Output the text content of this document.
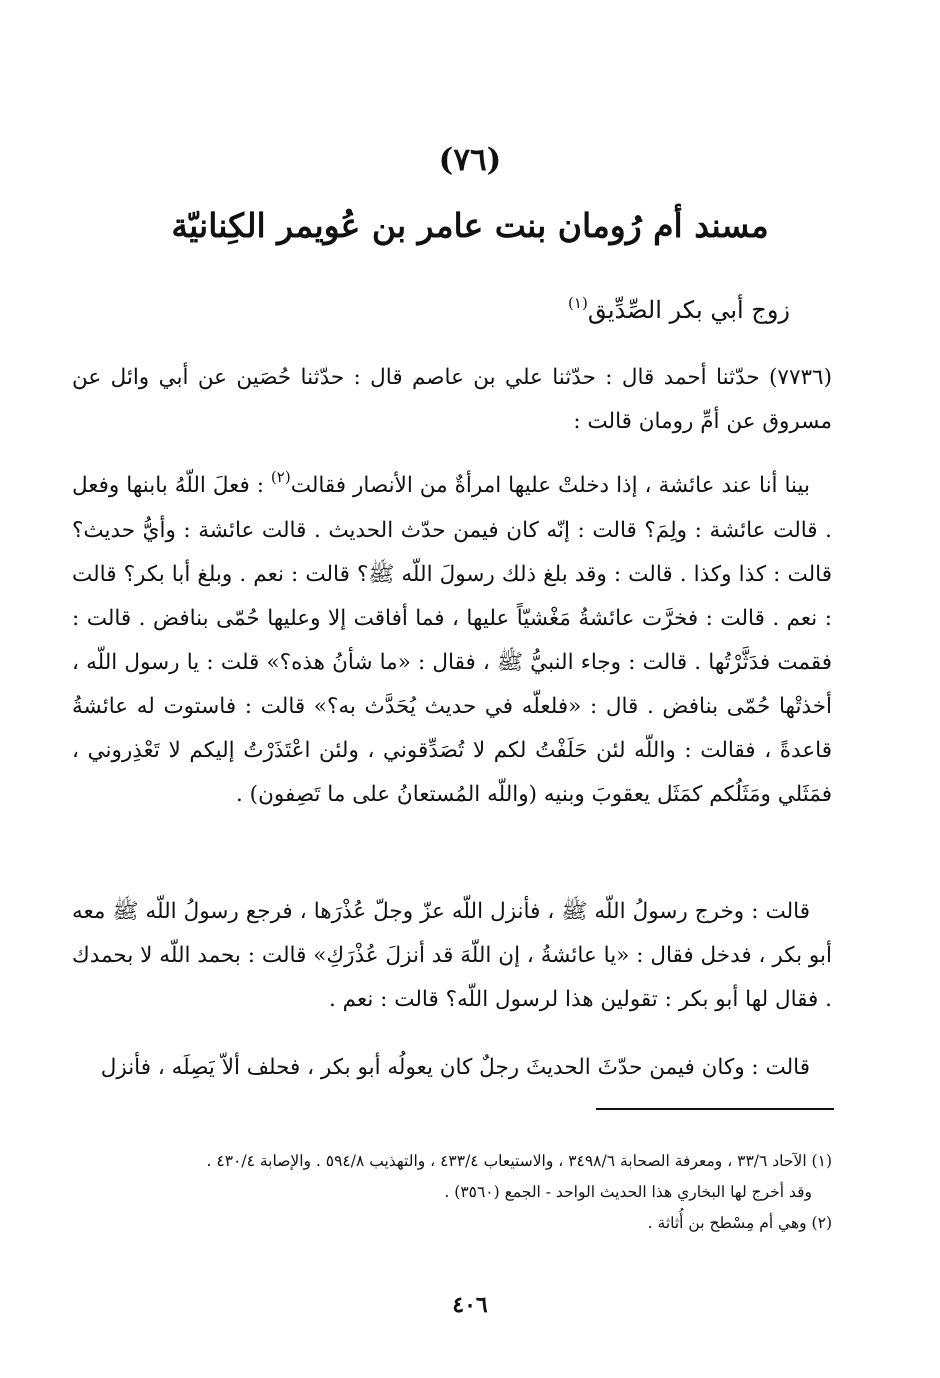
(٧٦)
مسند أم رُومان بنت عامر بن عُويمر الكِنانيّة
زوج أبي بكر الصِّدِّيق$^{(١)}$
(٧٧٣٦) حدّثنا أحمد قال : حدّثنا علي بن عاصم قال : حدّثنا حُصَين عن أبي وائل عن مسروق عن أمِّ رومان قالت :
بينا أنا عند عائشة ، إذا دخلتْ عليها امرأةٌ من الأنصار فقالت$^{(٢)}$ : فعلَ اللّهُ بابنها وفعل . قالت عائشة : ولِمَ؟ قالت : إنّه كان فيمن حدّث الحديث . قالت عائشة : وأيُّ حديث؟ قالت : كذا وكذا . قالت : وقد بلغ ذلك رسولَ اللّه ﷺ؟ قالت : نعم . وبلغ أبا بكر؟ قالت : نعم . قالت : فخرَّت عائشةُ مَغْشيّاً عليها ، فما أفاقت إلا وعليها حُمّى بنافض . قالت : فقمت فدَثَّرْتُها . قالت : وجاء النبيُّ ﷺ ، فقال : «ما شأنُ هذه؟» قلت : يا رسول اللّه ، أخذتْها حُمّى بنافض . قال : «فلعلّه في حديث يُحَدَّث به؟» قالت : فاستوت له عائشةُ قاعدةً ، فقالت : واللّه لئن حَلَفْتُ لكم لا تُصَدِّقوني ، ولئن اعْتَذَرْتُ إليكم لا تَعْذِروني ، فمَثَلي ومَثَلُكم كمَثَل يعقوبَ وبنيه (واللّه المُستعانُ على ما تَصِفون) .
قالت : وخرج رسولُ اللّه ﷺ ، فأنزل اللّه عزّ وجلّ عُذْرَها ، فرجع رسولُ اللّه ﷺ معه أبو بكر ، فدخل فقال : «يا عائشةُ ، إن اللّهَ قد أنزلَ عُذْرَكِ» قالت : بحمد اللّه لا بحمدك . فقال لها أبو بكر : تقولين هذا لرسول اللّه؟ قالت : نعم .
قالت : وكان فيمن حدّثَ الحديثَ رجلٌ كان يعولُه أبو بكر ، فحلف ألاّ يَصِلَه ، فأنزل
(١) الآحاد ٣٣/٦ ، ومعرفة الصحابة ٣٤٩٨/٦ ، والاستيعاب ٤٣٣/٤ ، والتهذيب ٥٩٤/٨ . والإصابة ٤٣٠/٤ .
وقد أخرج لها البخاري هذا الحديث الواحد - الجمع (٣٥٦٠) .
(٢) وهي أم مِسْطح بن أُثاثة .
٤٠٦
